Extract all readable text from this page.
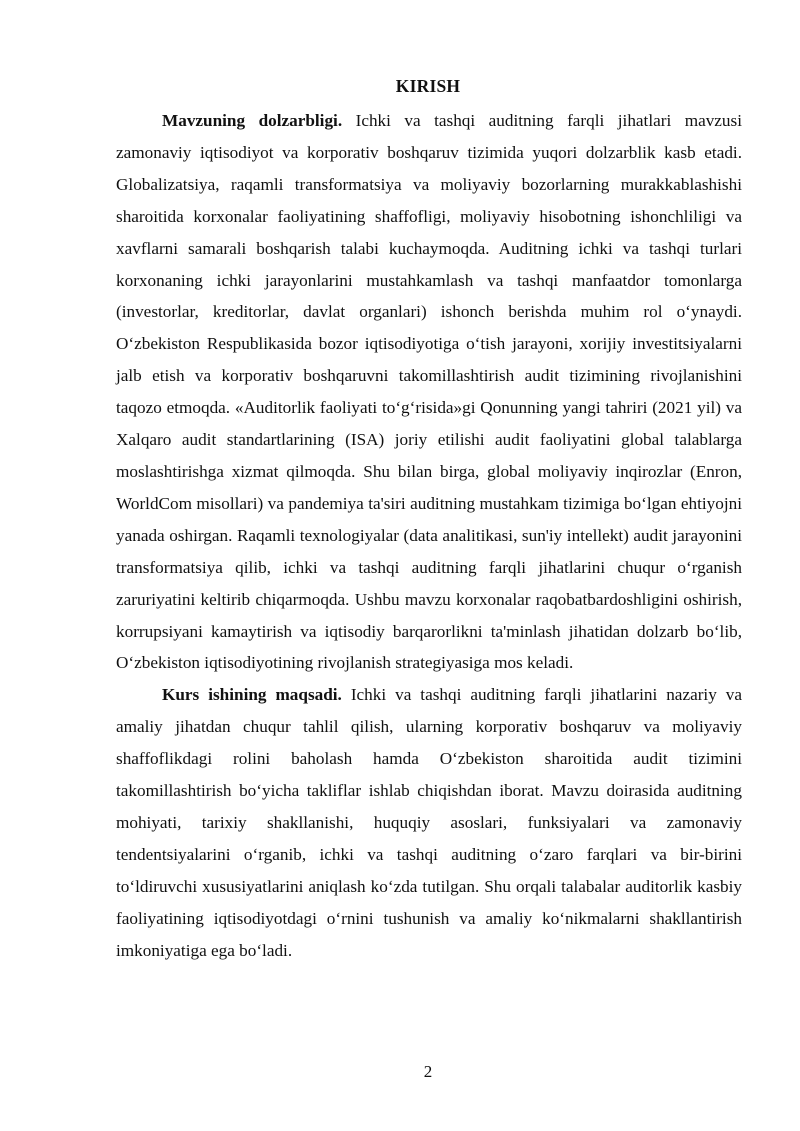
KIRISH

Mavzuning dolzarbligi. Ichki va tashqi auditning farqli jihatlari mavzusi zamonaviy iqtisodiyot va korporativ boshqaruv tizimida yuqori dolzarblik kasb etadi. Globalizatsiya, raqamli transformatsiya va moliyaviy bozorlarning murakkablashishi sharoitida korxonalar faoliyatining shaffofligi, moliyaviy hisobotning ishonchliligi va xavflarni samarali boshqarish talabi kuchaymoqda. Auditning ichki va tashqi turlari korxonaning ichki jarayonlarini mustahkamlash va tashqi manfaatdor tomonlarga (investorlar, kreditorlar, davlat organlari) ishonch berishda muhim rol oʻynaydi. Oʻzbekiston Respublikasida bozor iqtisodiyotiga oʻtish jarayoni, xorijiy investitsiyalarni jalb etish va korporativ boshqaruvni takomillashtirish audit tizimining rivojlanishini taqozo etmoqda. «Auditorlik faoliyati toʻgʻrisida»gi Qonunning yangi tahriri (2021 yil) va Xalqaro audit standartlarining (ISA) joriy etilishi audit faoliyatini global talablarga moslashtirishga xizmat qilmoqda. Shu bilan birga, global moliyaviy inqirozlar (Enron, WorldCom misollari) va pandemiya ta'siri auditning mustahkam tizimiga boʻlgan ehtiyojni yanada oshirgan. Raqamli texnologiyalar (data analitikasi, sun'iy intellekt) audit jarayonini transformatsiya qilib, ichki va tashqi auditning farqli jihatlarini chuqur oʻrganish zaruriyatini keltirib chiqarmoqda. Ushbu mavzu korxonalar raqobatbardoshligini oshirish, korrupsiyani kamaytirish va iqtisodiy barqarorlikni ta'minlash jihatidan dolzarb boʻlib, Oʻzbekiston iqtisodiyotining rivojlanish strategiyasiga mos keladi.

Kurs ishining maqsadi. Ichki va tashqi auditning farqli jihatlarini nazariy va amaliy jihatdan chuqur tahlil qilish, ularning korporativ boshqaruv va moliyaviy shaffoflikdagi rolini baholash hamda Oʻzbekiston sharoitida audit tizimini takomillashtirish boʻyicha takliflar ishlab chiqishdan iborat. Mavzu doirasida auditning mohiyati, tarixiy shakllanishi, huquqiy asoslari, funksiyalari va zamonaviy tendentsiyalarini oʻrganib, ichki va tashqi auditning oʻzaro farqlari va bir-birini toʻldiruvchi xususiyatlarini aniqlash koʻzda tutilgan. Shu orqali talabalar auditorlik kasbiy faoliyatining iqtisodiyotdagi oʻrnini tushunish va amaliy koʻnikmalarni shakllantirish imkoniyatiga ega boʻladi.

2
